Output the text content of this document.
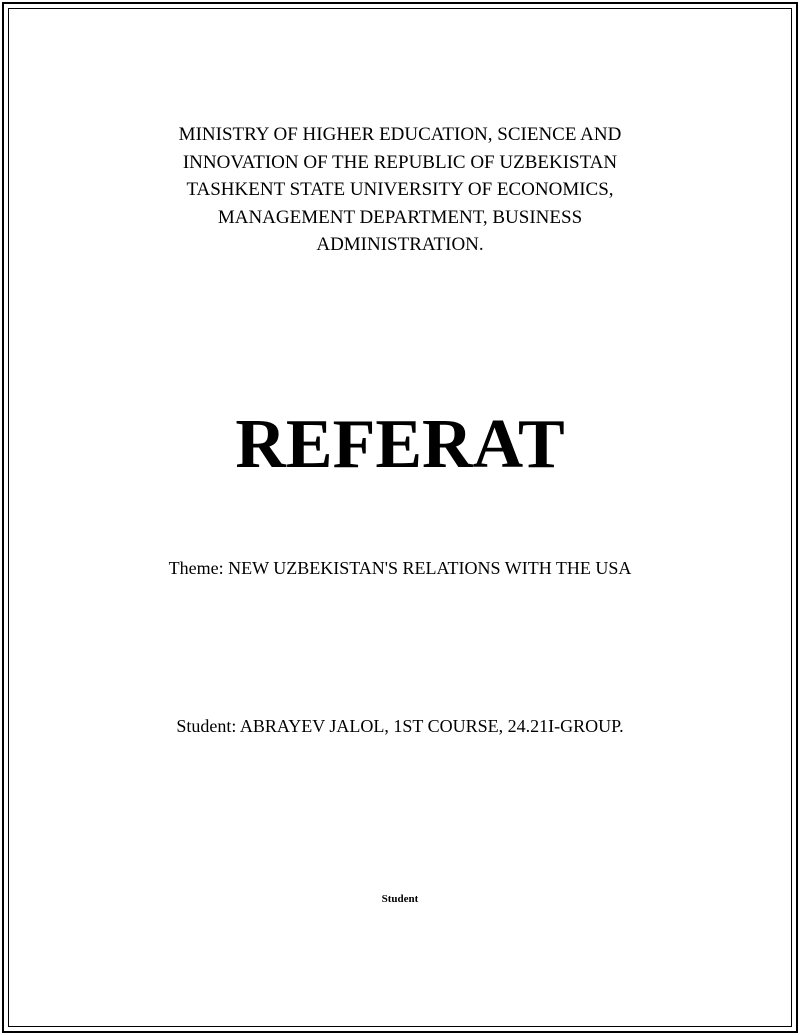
MINISTRY OF HIGHER EDUCATION, SCIENCE AND
INNOVATION OF THE REPUBLIC OF UZBEKISTAN
TASHKENT STATE UNIVERSITY OF ECONOMICS,
MANAGEMENT DEPARTMENT, BUSINESS
ADMINISTRATION.
REFERAT
Theme: NEW UZBEKISTAN'S RELATIONS WITH THE USA
Student: ABRAYEV JALOL, 1ST COURSE, 24.21I-GROUP.
Student
